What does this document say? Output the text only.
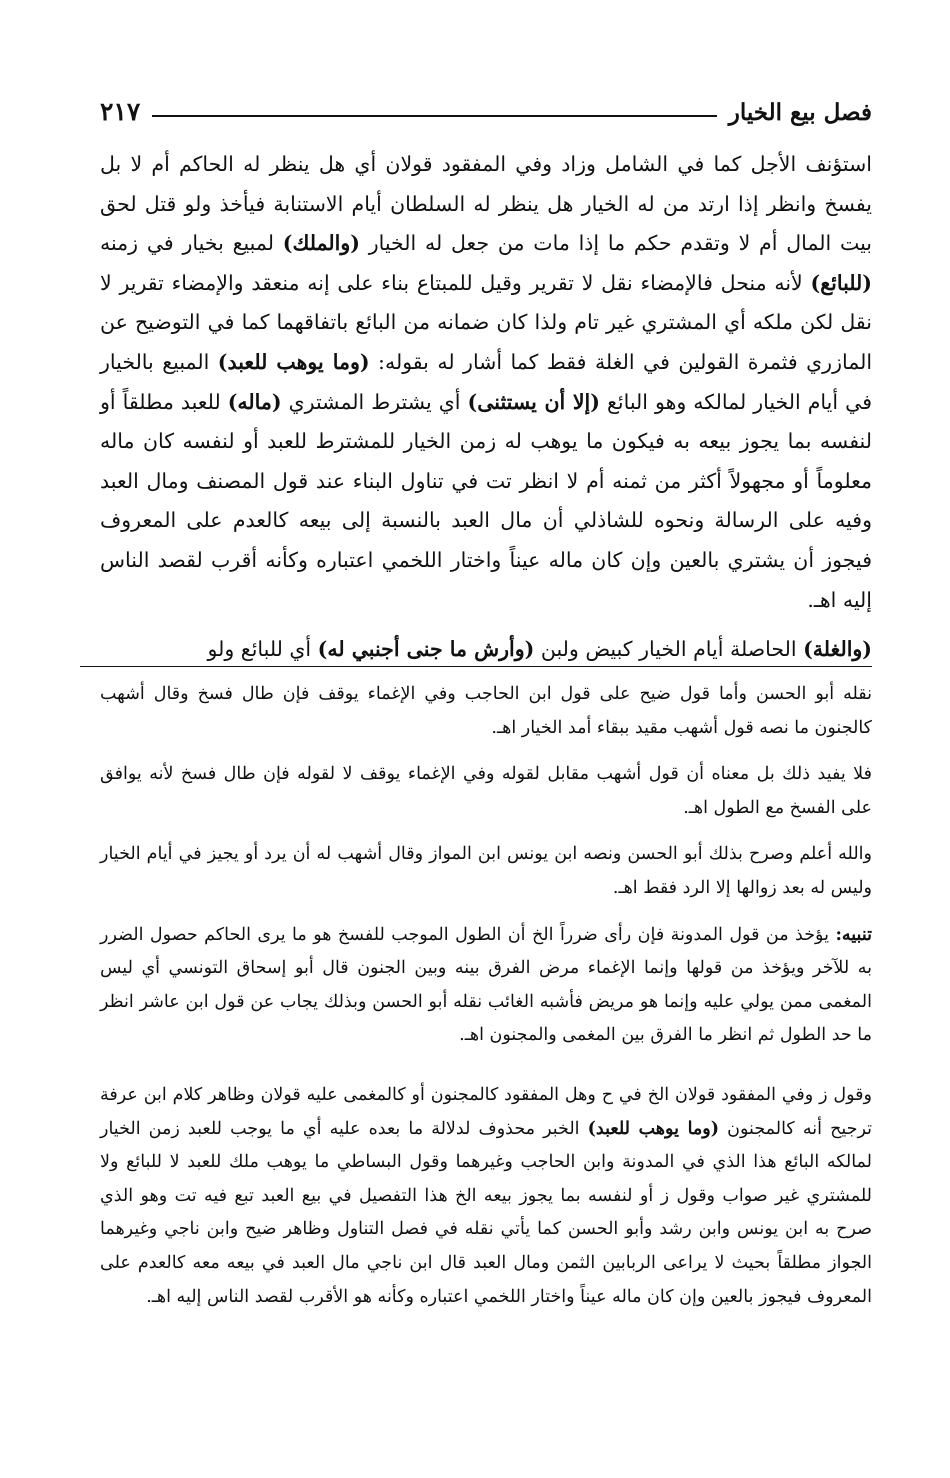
فصل بيع الخيار
٢١٧

استؤنف الأجل كما في الشامل وزاد وفي المفقود قولان أي هل ينظر له الحاكم أم لا بل يفسخ وانظر إذا ارتد من له الخيار هل ينظر له السلطان أيام الاستنابة فيأخذ ولو قتل لحق بيت المال أم لا وتقدم حكم ما إذا مات من جعل له الخيار (والملك) لمبيع بخيار في زمنه (للبائع) لأنه منحل فالإمضاء نقل لا تقرير وقيل للمبتاع بناء على إنه منعقد والإمضاء تقرير لا نقل لكن ملكه أي المشتري غير تام ولذا كان ضمانه من البائع باتفاقهما كما في التوضيح عن المازري فثمرة القولين في الغلة فقط كما أشار له بقوله: (وما يوهب للعبد) المبيع بالخيار في أيام الخيار لمالكه وهو البائع (إلا أن يستثنى) أي يشترط المشتري (ماله) للعبد مطلقاً أو لنفسه بما يجوز بيعه به فيكون ما يوهب له زمن الخيار للمشترط للعبد أو لنفسه كان ماله معلوماً أو مجهولاً أكثر من ثمنه أم لا انظر تت في تناول البناء عند قول المصنف ومال العبد وفيه على الرسالة ونحوه للشاذلي أن مال العبد بالنسبة إلى بيعه كالعدم على المعروف فيجوز أن يشتري بالعين وإن كان ماله عيناً واختار اللخمي اعتباره وكأنه أقرب لقصد الناس إليه اهـ.

(والغلة) الحاصلة أيام الخيار كبيض ولبن (وأرش ما جنى أجنبي له) أي للبائع ولو

نقله أبو الحسن وأما قول ضيح على قول ابن الحاجب وفي الإغماء يوقف فإن طال فسخ وقال أشهب كالجنون ما نصه قول أشهب مقيد ببقاء أمد الخيار اهـ.

فلا يفيد ذلك بل معناه أن قول أشهب مقابل لقوله وفي الإغماء يوقف لا لقوله فإن طال فسخ لأنه يوافق على الفسخ مع الطول اهـ.

والله أعلم وصرح بذلك أبو الحسن ونصه ابن يونس ابن المواز وقال أشهب له أن يرد أو يجيز في أيام الخيار وليس له بعد زوالها إلا الرد فقط اهـ.

تنبيه: يؤخذ من قول المدونة فإن رأى ضرراً الخ أن الطول الموجب للفسخ هو ما يرى الحاكم حصول الضرر به للآخر ويؤخذ من قولها وإنما الإغماء مرض الفرق بينه وبين الجنون قال أبو إسحاق التونسي أي ليس المغمى ممن يولي عليه وإنما هو مريض فأشبه الغائب نقله أبو الحسن وبذلك يجاب عن قول ابن عاشر انظر ما حد الطول ثم انظر ما الفرق بين المغمى والمجنون اهـ.

وقول ز وفي المفقود قولان الخ في ح وهل المفقود كالمجنون أو كالمغمى عليه قولان وظاهر كلام ابن عرفة ترجيح أنه كالمجنون (وما يوهب للعبد) الخبر محذوف لدلالة ما بعده عليه أي ما يوجب للعبد زمن الخيار لمالكه البائع هذا الذي في المدونة وابن الحاجب وغيرهما وقول البساطي ما يوهب ملك للعبد لا للبائع ولا للمشتري غير صواب وقول ز أو لنفسه بما يجوز بيعه الخ هذا التفصيل في بيع العبد تبع فيه تت وهو الذي صرح به ابن يونس وابن رشد وأبو الحسن كما يأتي نقله في فصل التناول وظاهر ضيح وابن ناجي وغيرهما الجواز مطلقاً بحيث لا يراعى الربابين الثمن ومال العبد قال ابن ناجي مال العبد في بيعه معه كالعدم على المعروف فيجوز بالعين وإن كان ماله عيناً واختار اللخمي اعتباره وكأنه هو الأقرب لقصد الناس إليه اهـ.
